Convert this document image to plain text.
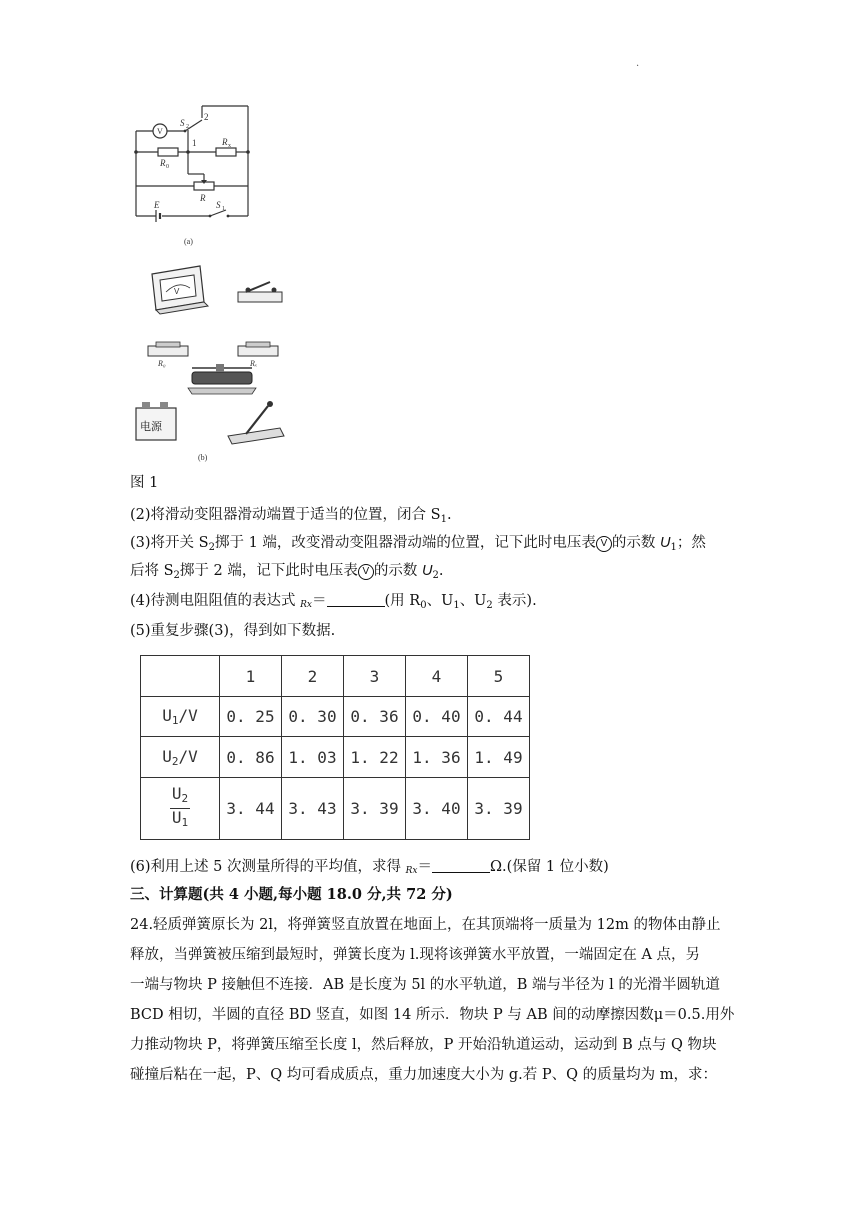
.
V
S 2
2
1
R 0
R x
R
E	S 1
(a)
V
R₀	Rₓ
电源
(b)
图 1
(2)将滑动变阻器滑动端置于适当的位置，闭合 $S_1$.
(3)将开关 $S_2$掷于 1 端，改变滑动变阻器滑动端的位置，记下此时电压表 V 的示数 $U_1$；然
后将 $S_2$掷于 2 端，记下此时电压表 V 的示数 $U_2$.
(4)待测电阻阻值的表达式 Rx＝	(用 $R_0$、$U_1$、$U_2$ 表示).
(5)重复步骤(3)，得到如下数据.
	1	2	3	4	5
U1/V	0. 25	0. 30	0. 36	0. 40	0. 44
U2/V	0. 86	1. 03	1. 22	1. 36	1. 49

$\frac{U2}{U1}$	3. 44	3. 43	3. 39	3. 40	3. 39
(6)利用上述 5 次测量所得的平均值，求得 Rx＝	Ω.(保留 1 位小数)
三、计算题(共 4 小题,每小题 18.0 分,共 72 分)
24.轻质弹簧原长为 2l，将弹簧竖直放置在地面上，在其顶端将一质量为 12m 的物体由静止
释放，当弹簧被压缩到最短时，弹簧长度为 l.现将该弹簧水平放置，一端固定在 A 点，另
一端与物块 P 接触但不连接．AB 是长度为 5l 的水平轨道，B 端与半径为 l 的光滑半圆轨道
BCD 相切，半圆的直径 BD 竖直，如图 14 所示．物块 P 与 AB 间的动摩擦因数μ＝0.5.用外
力推动物块 P，将弹簧压缩至长度 l，然后释放，P 开始沿轨道运动，运动到 B 点与 Q 物块
碰撞后粘在一起，P、Q 均可看成质点，重力加速度大小为 g.若 P、Q 的质量均为 m，求：
